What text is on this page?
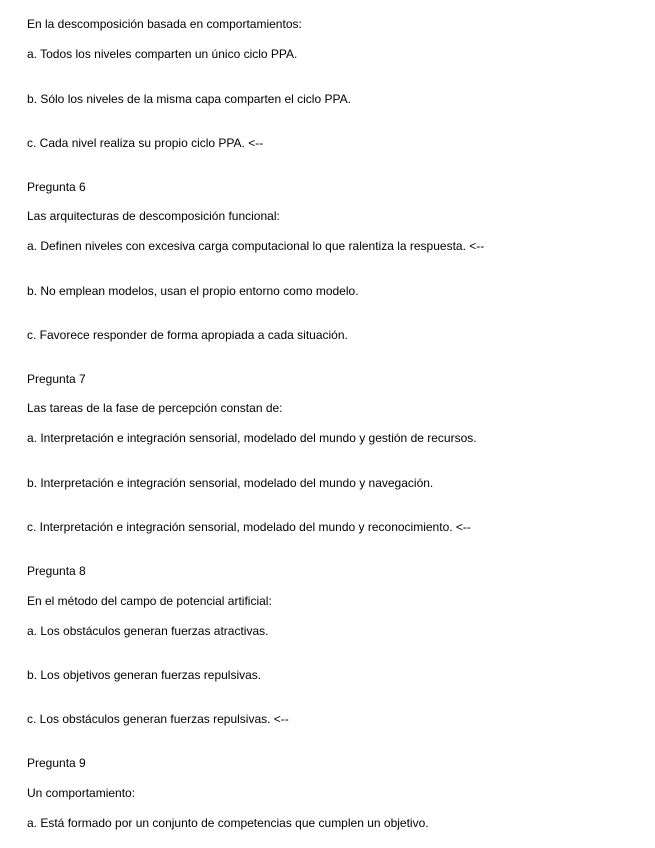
En la descomposición basada en comportamientos:
a. Todos los niveles comparten un único ciclo PPA.
b. Sólo los niveles de la misma capa comparten el ciclo PPA.
c. Cada nivel realiza su propio ciclo PPA. <--
Pregunta 6
Las arquitecturas de descomposición funcional:
a. Definen niveles con excesiva carga computacional lo que ralentiza la respuesta. <--
b. No emplean modelos, usan el propio entorno como modelo.
c. Favorece responder de forma apropiada a cada situación.
Pregunta 7
Las tareas de la fase de percepción constan de:
a. Interpretación e integración sensorial, modelado del mundo y gestión de recursos.
b. Interpretación e integración sensorial, modelado del mundo y navegación.
c. Interpretación e integración sensorial, modelado del mundo y reconocimiento. <--
Pregunta 8
En el método del campo de potencial artificial:
a. Los obstáculos generan fuerzas atractivas.
b. Los objetivos generan fuerzas repulsivas.
c. Los obstáculos generan fuerzas repulsivas. <--
Pregunta 9
Un comportamiento:
a. Está formado por un conjunto de competencias que cumplen un objetivo.
